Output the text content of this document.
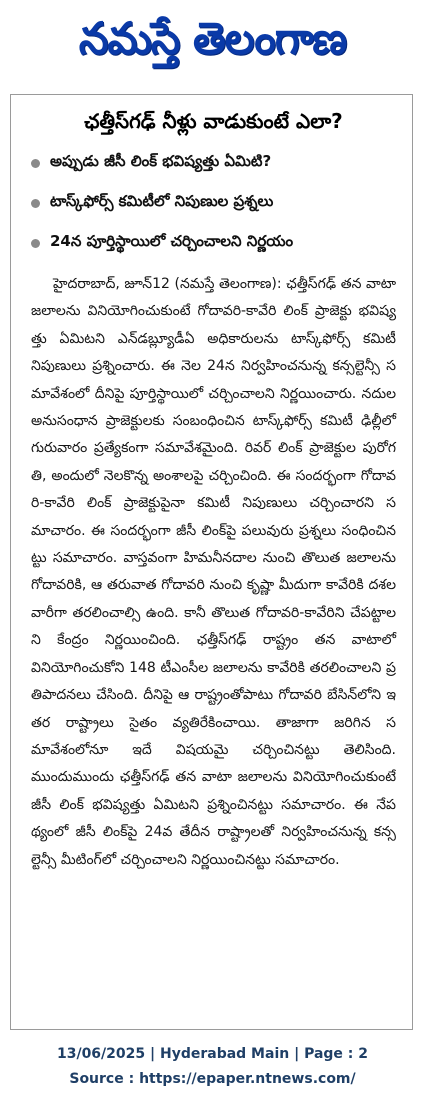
నమస్తే తెలంగాణ
ఛత్తీస్‌గఢ్‌ నీళ్లు వాడుకుంటే ఎలా?
అప్పుడు జీసీ లింక్‌ భవిష్యత్తు ఏమిటి?
టాస్క్‌ఫోర్స్‌ కమిటీలో నిపుణుల ప్రశ్నలు
24న పూర్తిస్థాయిలో చర్చించాలని నిర్ణయం

హైదరాబాద్‌, జూన్‌12 (నమస్తే తెలంగాణ): ఛత్తీస్‌గఢ్‌ తన వాటా జలాలను వినియోగించుకుంటే గోదావరి-కావేరి లింక్‌ ప్రాజెక్టు భవిష్యత్తు ఏమిటని ఎన్‌డబ్ల్యూడీఏ అధికారులను టాస్క్‌ఫోర్స్‌ కమిటీ నిపుణులు ప్రశ్నించారు. ఈ నెల 24న నిర్వహించనున్న కన్సల్టెన్సీ సమావేశంలో దీనిపై పూర్తిస్థాయిలో చర్చించాలని నిర్ణయించారు. నదుల అనుసంధాన ప్రాజెక్టులకు సంబంధించిన టాస్క్‌ఫోర్స్‌ కమిటీ ఢిల్లీలో గురువారం ప్రత్యేకంగా సమావేశమైంది. రివర్‌ లింక్‌ ప్రాజెక్టుల పురోగతి, అందులో నెలకొన్న అంశాలపై చర్చించింది. ఈ సందర్భంగా గోదావరి-కావేరి లింక్‌ ప్రాజెక్టుపైనా కమిటీ నిపుణులు చర్చించారని సమాచారం. ఈ సందర్భంగా జీసీ లింక్‌పై పలువురు ప్రశ్నలు సంధించినట్టు సమాచారం. వాస్తవంగా హిమనీనదాల నుంచి తొలుత జలాలను గోదావరికి, ఆ తరువాత గోదావరి నుంచి కృష్ణా మీదుగా కావేరికి దశలవారీగా తరలించాల్సి ఉంది. కానీ తొలుత గోదావరి-కావేరిని చేపట్టాలని కేంద్రం నిర్ణయించింది. ఛత్తీస్‌గఢ్‌ రాష్ట్రం తన వాటాలో వినియోగించుకోని 148 టీఎంసీల జలాలను కావేరికి తరలించాలని ప్రతిపాదనలు చేసింది. దీనిపై ఆ రాష్ట్రంతోపాటు గోదావరి బేసిన్‌లోని ఇతర రాష్ట్రాలు సైతం వ్యతిరేకించాయి. తాజాగా జరిగిన సమావేశంలోనూ ఇదే విషయమై చర్చించినట్టు తెలిసింది. ముందుముందు ఛత్తీస్‌గఢ్‌ తన వాటా జలాలను వినియోగించుకుంటే జీసీ లింక్‌ భవిష్యత్తు ఏమిటని ప్రశ్నించినట్టు సమాచారం. ఈ నేపథ్యంలో జీసీ లింక్‌పై 24వ తేదీన రాష్ట్రాలతో నిర్వహించనున్న కన్సల్టెన్సీ మీటింగ్‌లో చర్చించాలని నిర్ణయించినట్టు సమాచారం.

13/06/2025 | Hyderabad Main | Page : 2
Source : https://epaper.ntnews.com/
